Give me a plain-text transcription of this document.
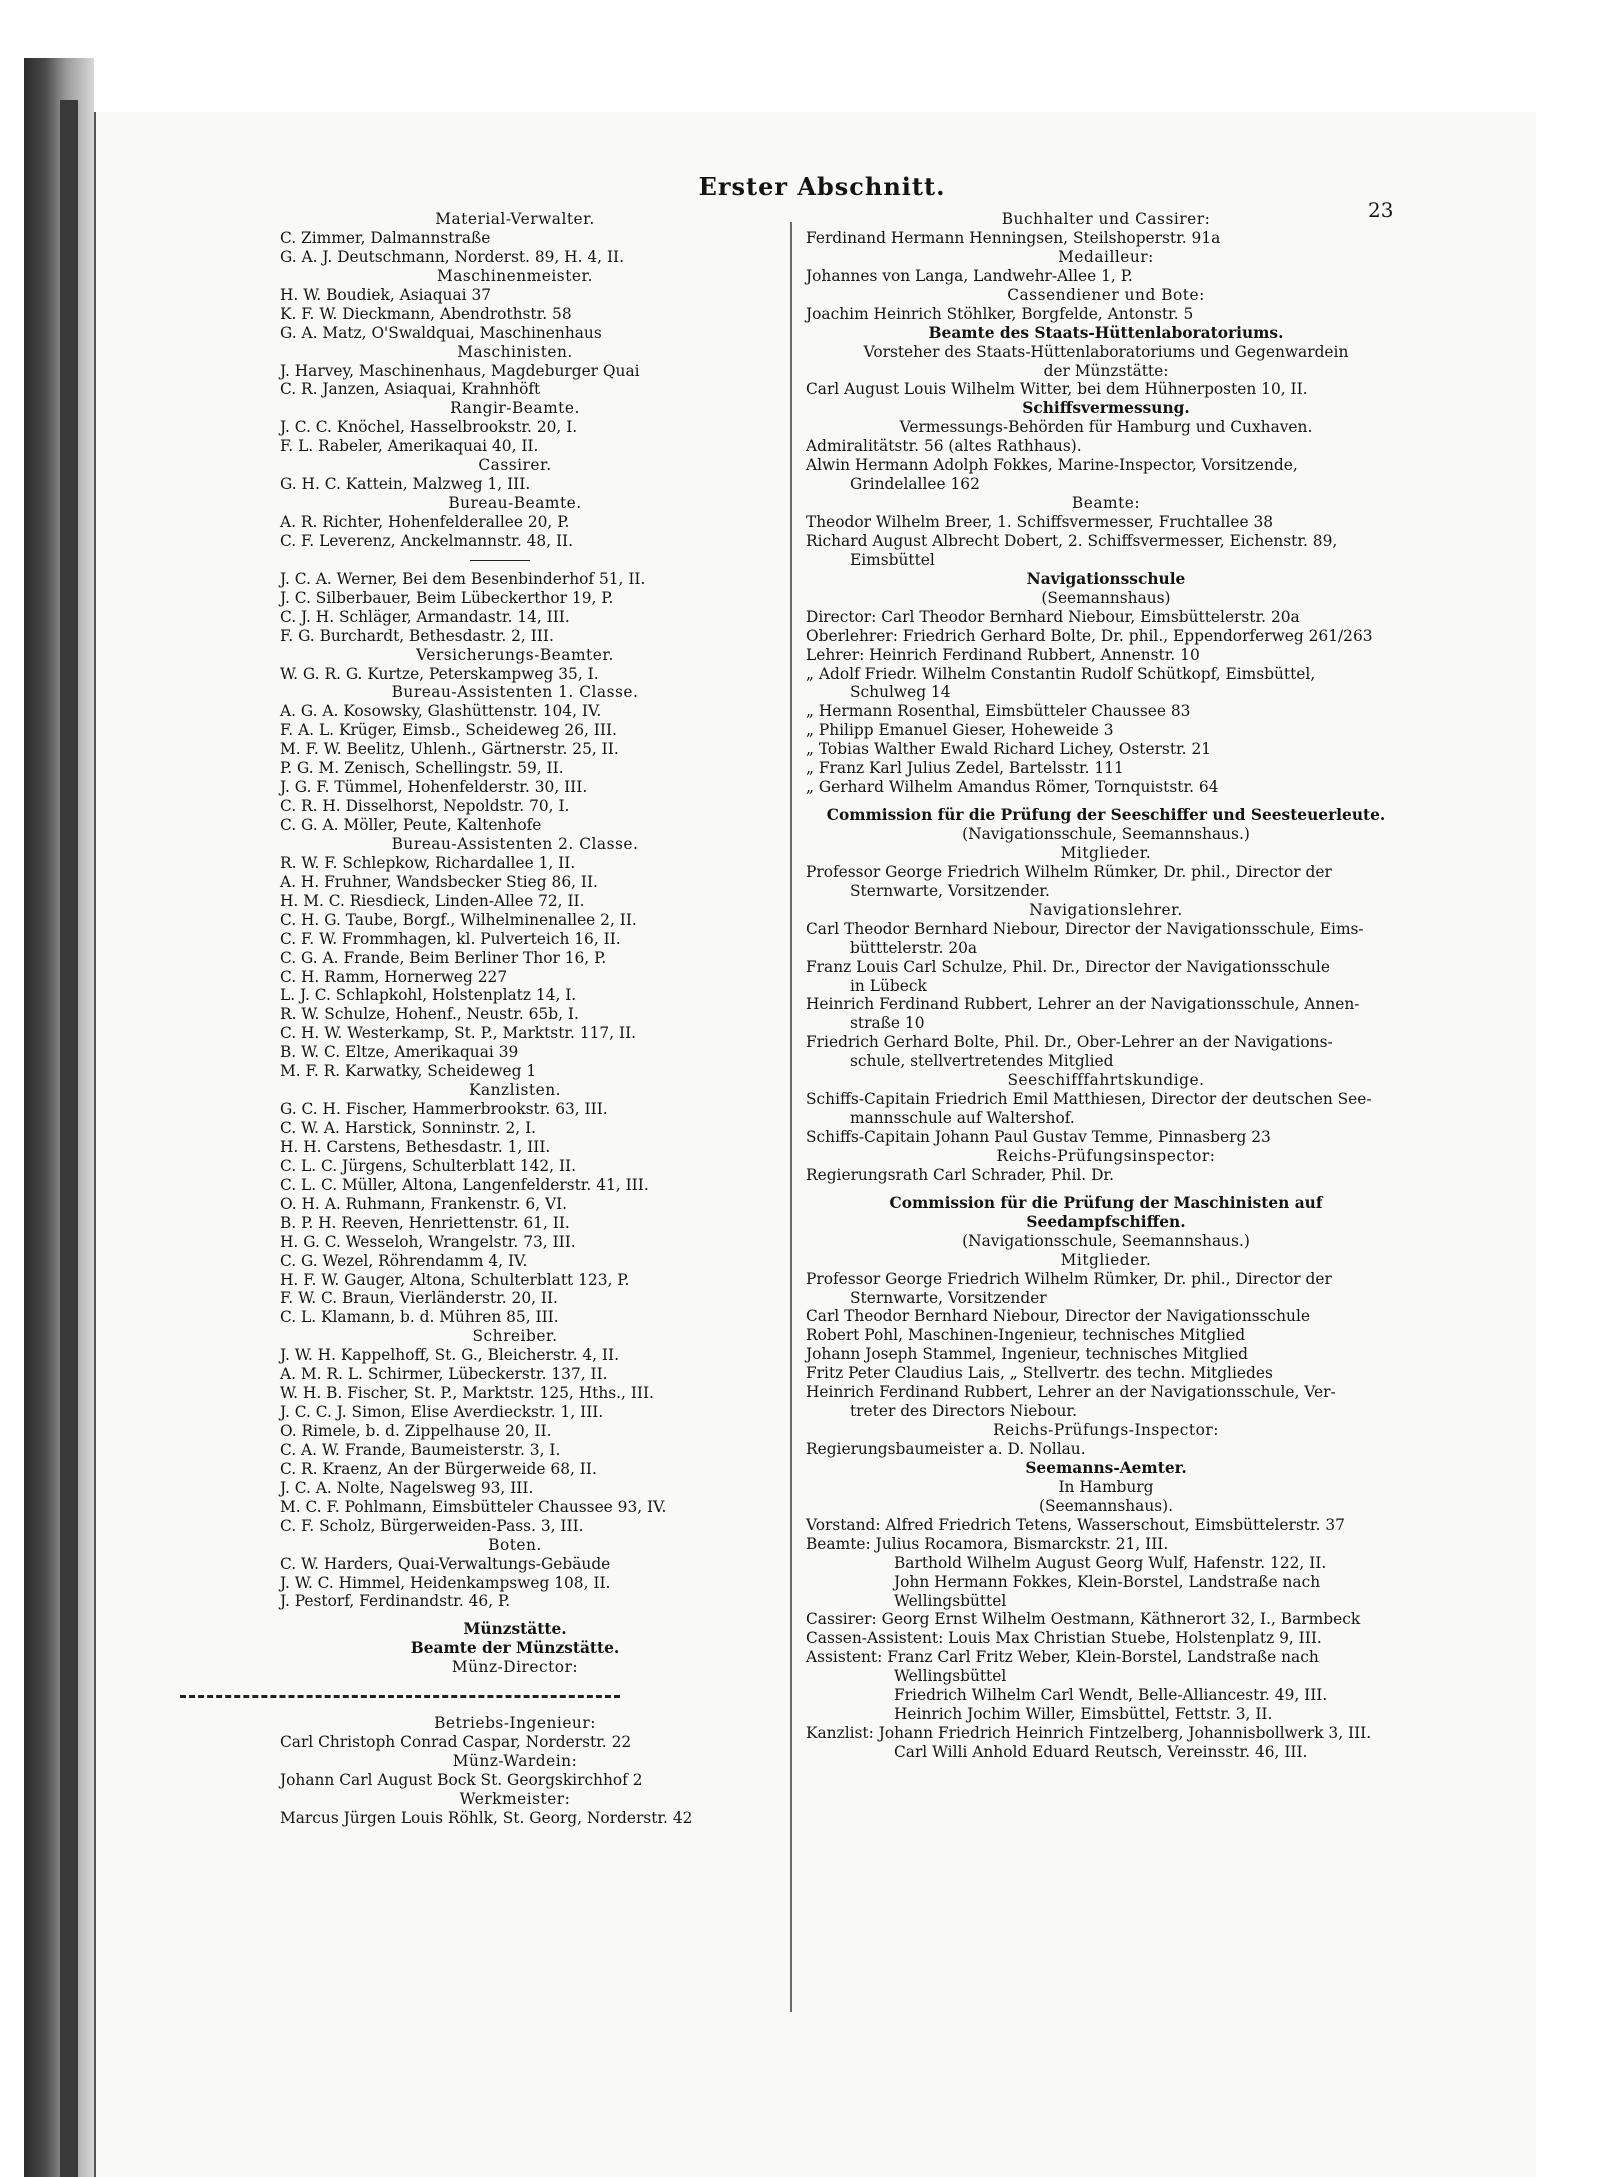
Erster Abschnitt.
23
Material-Verwalter.
C. Zimmer, Dalmannstraße
G. A. J. Deutschmann, Norderst. 89, H. 4, II.
Maschinenmeister.
H. W. Boudiek, Asiaquai 37
K. F. W. Dieckmann, Abendrothstr. 58
G. A. Matz, O'Swaldquai, Maschinenhaus
Maschinisten.
J. Harvey, Maschinenhaus, Magdeburger Quai
C. R. Janzen, Asiaquai, Krahnhöft
Rangir-Beamte.
J. C. C. Knöchel, Hasselbrookstr. 20, I.
F. L. Rabeler, Amerikaquai 40, II.
Cassirer.
G. H. C. Kattein, Malzweg 1, III.
Bureau-Beamte.
A. R. Richter, Hohenfelderallee 20, P.
C. F. Leverenz, Anckelmannstr. 48, II.
J. C. A. Werner, Bei dem Besenbinderhof 51, II.
J. C. Silberbauer, Beim Lübeckerthor 19, P.
C. J. H. Schläger, Armandastr. 14, III.
F. G. Burchardt, Bethesdastr. 2, III.
Versicherungs-Beamter.
W. G. R. G. Kurtze, Peterskampweg 35, I.
Bureau-Assistenten 1. Classe.
A. G. A. Kosowsky, Glashüttenstr. 104, IV.
F. A. L. Krüger, Eimsb., Scheideweg 26, III.
M. F. W. Beelitz, Uhlenh., Gärtnerstr. 25, II.
P. G. M. Zenisch, Schellingstr. 59, II.
J. G. F. Tümmel, Hohenfelderstr. 30, III.
C. R. H. Disselhorst, Nepoldstr. 70, I.
C. G. A. Möller, Peute, Kaltenhofe
Bureau-Assistenten 2. Classe.
R. W. F. Schlepkow, Richardallee 1, II.
A. H. Fruhner, Wandsbecker Stieg 86, II.
H. M. C. Riesdieck, Linden-Allee 72, II.
C. H. G. Taube, Borgf., Wilhelminenallee 2, II.
C. F. W. Frommhagen, kl. Pulverteich 16, II.
C. G. A. Frande, Beim Berliner Thor 16, P.
C. H. Ramm, Hornerweg 227
L. J. C. Schlapkohl, Holstenplatz 14, I.
R. W. Schulze, Hohenf., Neustr. 65b, I.
C. H. W. Westerkamp, St. P., Marktstr. 117, II.
B. W. C. Eltze, Amerikaquai 39
M. F. R. Karwatky, Scheideweg 1
Kanzlisten.
G. C. H. Fischer, Hammerbrookstr. 63, III.
C. W. A. Harstick, Sonninstr. 2, I.
H. H. Carstens, Bethesdastr. 1, III.
C. L. C. Jürgens, Schulterblatt 142, II.
C. L. C. Müller, Altona, Langenfelderstr. 41, III.
O. H. A. Ruhmann, Frankenstr. 6, VI.
B. P. H. Reeven, Henriettenstr. 61, II.
H. G. C. Wesseloh, Wrangelstr. 73, III.
C. G. Wezel, Röhrendamm 4, IV.
H. F. W. Gauger, Altona, Schulterblatt 123, P.
F. W. C. Braun, Vierländerstr. 20, II.
C. L. Klamann, b. d. Mühren 85, III.
Schreiber.
J. W. H. Kappelhoff, St. G., Bleicherstr. 4, II.
A. M. R. L. Schirmer, Lübeckerstr. 137, II.
W. H. B. Fischer, St. P., Marktstr. 125, Hths., III.
J. C. C. J. Simon, Elise Averdieckstr. 1, III.
O. Rimele, b. d. Zippelhause 20, II.
C. A. W. Frande, Baumeisterstr. 3, I.
C. R. Kraenz, An der Bürgerweide 68, II.
J. C. A. Nolte, Nagelsweg 93, III.
M. C. F. Pohlmann, Eimsbütteler Chaussee 93, IV.
C. F. Scholz, Bürgerweiden-Pass. 3, III.
Boten.
C. W. Harders, Quai-Verwaltungs-Gebäude
J. W. C. Himmel, Heidenkampsweg 108, II.
J. Pestorf, Ferdinandstr. 46, P.
Münzstätte.
Beamte der Münzstätte.
Münz-Director:
Betriebs-Ingenieur:
Carl Christoph Conrad Caspar, Norderstr. 22
Münz-Wardein:
Johann Carl August Bock St. Georgskirchhof 2
Werkmeister:
Marcus Jürgen Louis Röhlk, St. Georg, Norderstr. 42
Buchhalter und Cassirer:
Ferdinand Hermann Henningsen, Steilshoperstr. 91a
Medailleur:
Johannes von Langa, Landwehr-Allee 1, P.
Cassendiener und Bote:
Joachim Heinrich Stöhlker, Borgfelde, Antonstr. 5
Beamte des Staats-Hüttenlaboratoriums.
Vorsteher des Staats-Hüttenlaboratoriums und Gegenwardein
der Münzstätte:
Carl August Louis Wilhelm Witter, bei dem Hühnerposten 10, II.
Schiffsvermessung.
Vermessungs-Behörden für Hamburg und Cuxhaven.
Admiralitätstr. 56 (altes Rathhaus).
Alwin Hermann Adolph Fokkes, Marine-Inspector, Vorsitzende,
Grindelallee 162
Beamte:
Theodor Wilhelm Breer, 1. Schiffsvermesser, Fruchtallee 38
Richard August Albrecht Dobert, 2. Schiffsvermesser, Eichenstr. 89,
Eimsbüttel
Navigationsschule
(Seemannshaus)
Director: Carl Theodor Bernhard Niebour, Eimsbüttelerstr. 20a
Oberlehrer: Friedrich Gerhard Bolte, Dr. phil., Eppendorferweg 261/263
Lehrer: Heinrich Ferdinand Rubbert, Annenstr. 10
„ Adolf Friedr. Wilhelm Constantin Rudolf Schütkopf, Eimsbüttel,
Schulweg 14
„ Hermann Rosenthal, Eimsbütteler Chaussee 83
„ Philipp Emanuel Gieser, Hoheweide 3
„ Tobias Walther Ewald Richard Lichey, Osterstr. 21
„ Franz Karl Julius Zedel, Bartelsstr. 111
„ Gerhard Wilhelm Amandus Römer, Tornquiststr. 64
Commission für die Prüfung der Seeschiffer und Seesteuerleute.
(Navigationsschule, Seemannshaus.)
Mitglieder.
Professor George Friedrich Wilhelm Rümker, Dr. phil., Director der
Sternwarte, Vorsitzender.
Navigationslehrer.
Carl Theodor Bernhard Niebour, Director der Navigationsschule, Eims-
bütttelerstr. 20a
Franz Louis Carl Schulze, Phil. Dr., Director der Navigationsschule
in Lübeck
Heinrich Ferdinand Rubbert, Lehrer an der Navigationsschule, Annen-
straße 10
Friedrich Gerhard Bolte, Phil. Dr., Ober-Lehrer an der Navigations-
schule, stellvertretendes Mitglied
Seeschifffahrtskundige.
Schiffs-Capitain Friedrich Emil Matthiesen, Director der deutschen See-
mannsschule auf Waltershof.
Schiffs-Capitain Johann Paul Gustav Temme, Pinnasberg 23
Reichs-Prüfungsinspector:
Regierungsrath Carl Schrader, Phil. Dr.
Commission für die Prüfung der Maschinisten auf
Seedampfschiffen.
(Navigationsschule, Seemannshaus.)
Mitglieder.
Professor George Friedrich Wilhelm Rümker, Dr. phil., Director der
Sternwarte, Vorsitzender
Carl Theodor Bernhard Niebour, Director der Navigationsschule
Robert Pohl, Maschinen-Ingenieur, technisches Mitglied
Johann Joseph Stammel, Ingenieur, technisches Mitglied
Fritz Peter Claudius Lais, „ Stellvertr. des techn. Mitgliedes
Heinrich Ferdinand Rubbert, Lehrer an der Navigationsschule, Ver-
treter des Directors Niebour.
Reichs-Prüfungs-Inspector:
Regierungsbaumeister a. D. Nollau.
Seemanns-Aemter.
In Hamburg
(Seemannshaus).
Vorstand: Alfred Friedrich Tetens, Wasserschout, Eimsbüttelerstr. 37
Beamte: Julius Rocamora, Bismarckstr. 21, III.
Barthold Wilhelm August Georg Wulf, Hafenstr. 122, II.
John Hermann Fokkes, Klein-Borstel, Landstraße nach
Wellingsbüttel
Cassirer: Georg Ernst Wilhelm Oestmann, Käthnerort 32, I., Barmbeck
Cassen-Assistent: Louis Max Christian Stuebe, Holstenplatz 9, III.
Assistent: Franz Carl Fritz Weber, Klein-Borstel, Landstraße nach
Wellingsbüttel
Friedrich Wilhelm Carl Wendt, Belle-Alliancestr. 49, III.
Heinrich Jochim Willer, Eimsbüttel, Fettstr. 3, II.
Kanzlist: Johann Friedrich Heinrich Fintzelberg, Johannisbollwerk 3, III.
Carl Willi Anhold Eduard Reutsch, Vereinsstr. 46, III.
